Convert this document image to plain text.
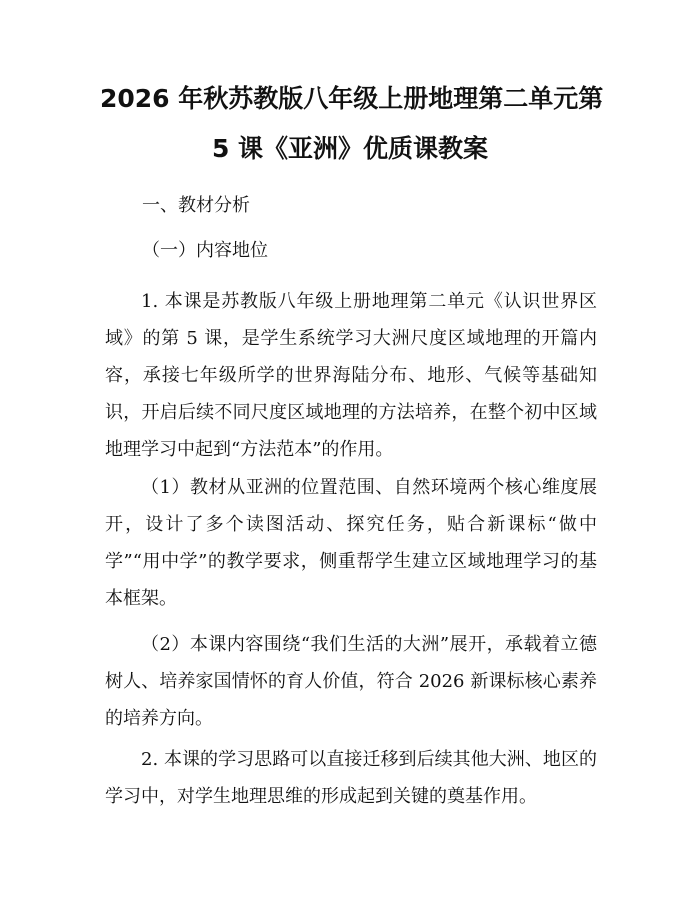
2026 年秋苏教版八年级上册地理第二单元第
5 课《亚洲》优质课教案
一、教材分析
（一）内容地位
1. 本课是苏教版八年级上册地理第二单元《认识世界区域》的第 5 课，是学生系统学习大洲尺度区域地理的开篇内容，承接七年级所学的世界海陆分布、地形、气候等基础知识，开启后续不同尺度区域地理的方法培养，在整个初中区域地理学习中起到“方法范本”的作用。
（1）教材从亚洲的位置范围、自然环境两个核心维度展开，设计了多个读图活动、探究任务，贴合新课标“做中学”“用中学”的教学要求，侧重帮学生建立区域地理学习的基本框架。
（2）本课内容围绕“我们生活的大洲”展开，承载着立德树人、培养家国情怀的育人价值，符合 2026 新课标核心素养的培养方向。
2. 本课的学习思路可以直接迁移到后续其他大洲、地区的学习中，对学生地理思维的形成起到关键的奠基作用。
